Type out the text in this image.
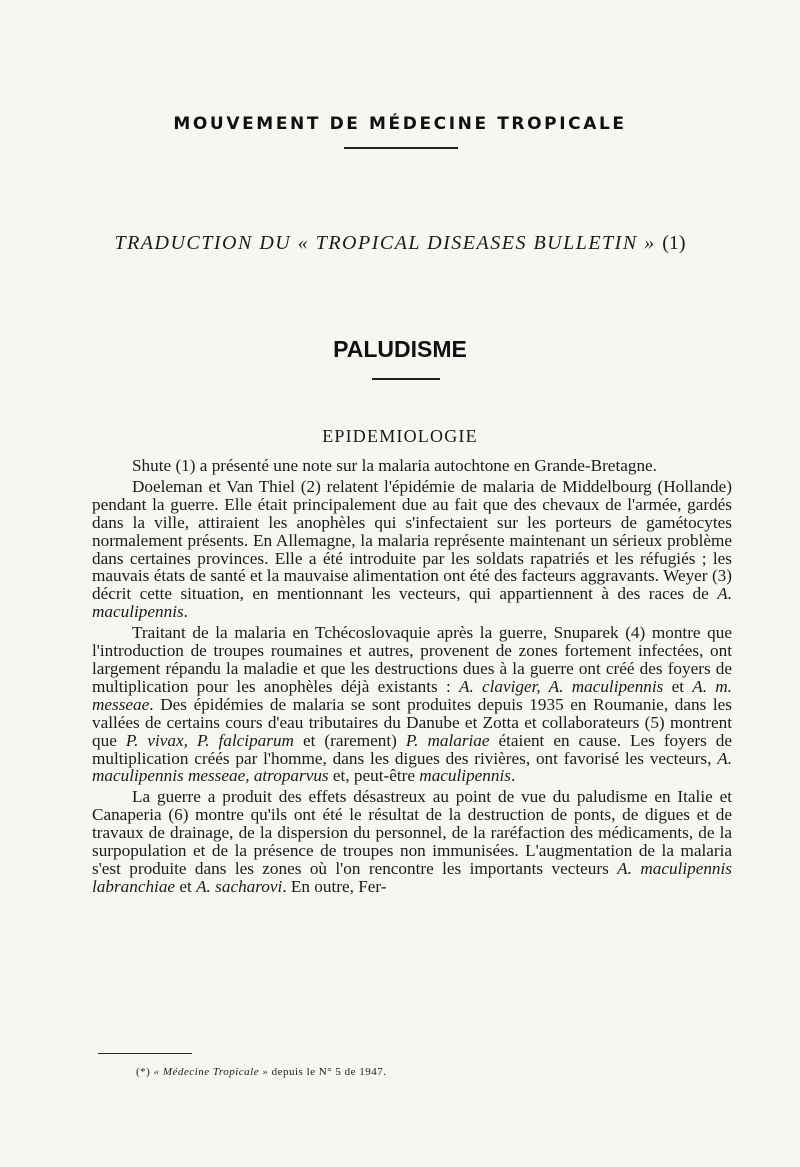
MOUVEMENT DE MÉDECINE TROPICALE
TRADUCTION DU « TROPICAL DISEASES BULLETIN » (1)
PALUDISME
EPIDEMIOLOGIE

Shute (1) a présenté une note sur la malaria autochtone en Grande-Bretagne.

Doeleman et Van Thiel (2) relatent l'épidémie de malaria de Middelbourg (Hollande) pendant la guerre. Elle était principalement due au fait que des chevaux de l'armée, gardés dans la ville, attiraient les anophèles qui s'infectaient sur les porteurs de gamétocytes normalement présents. En Allemagne, la malaria représente maintenant un sérieux problème dans certaines provinces. Elle a été introduite par les soldats rapatriés et les réfugiés ; les mauvais états de santé et la mauvaise alimentation ont été des facteurs aggravants. Weyer (3) décrit cette situation, en mentionnant les vecteurs, qui appartiennent à des races de A. maculipennis.

Traitant de la malaria en Tchécoslovaquie après la guerre, Snuparek (4) montre que l'introduction de troupes roumaines et autres, provenent de zones fortement infectées, ont largement répandu la maladie et que les destructions dues à la guerre ont créé des foyers de multiplication pour les anophèles déjà existants : A. claviger, A. maculipennis et A. m. messeae. Des épidémies de malaria se sont produites depuis 1935 en Roumanie, dans les vallées de certains cours d'eau tributaires du Danube et Zotta et collaborateurs (5) montrent que P. vivax, P. falciparum et (rarement) P. malariae étaient en cause. Les foyers de multiplication créés par l'homme, dans les digues des rivières, ont favorisé les vecteurs, A. maculipennis messeae, atroparvus et, peut-être maculipennis.

La guerre a produit des effets désastreux au point de vue du paludisme en Italie et Canaperia (6) montre qu'ils ont été le résultat de la destruction de ponts, de digues et de travaux de drainage, de la dispersion du personnel, de la raréfaction des médicaments, de la surpopulation et de la présence de troupes non immunisées. L'augmentation de la malaria s'est produite dans les zones où l'on rencontre les importants vecteurs A. maculipennis labranchiae et A. sacharovi. En outre, Fer-

(*) « Médecine Tropicale » depuis le N° 5 de 1947.
